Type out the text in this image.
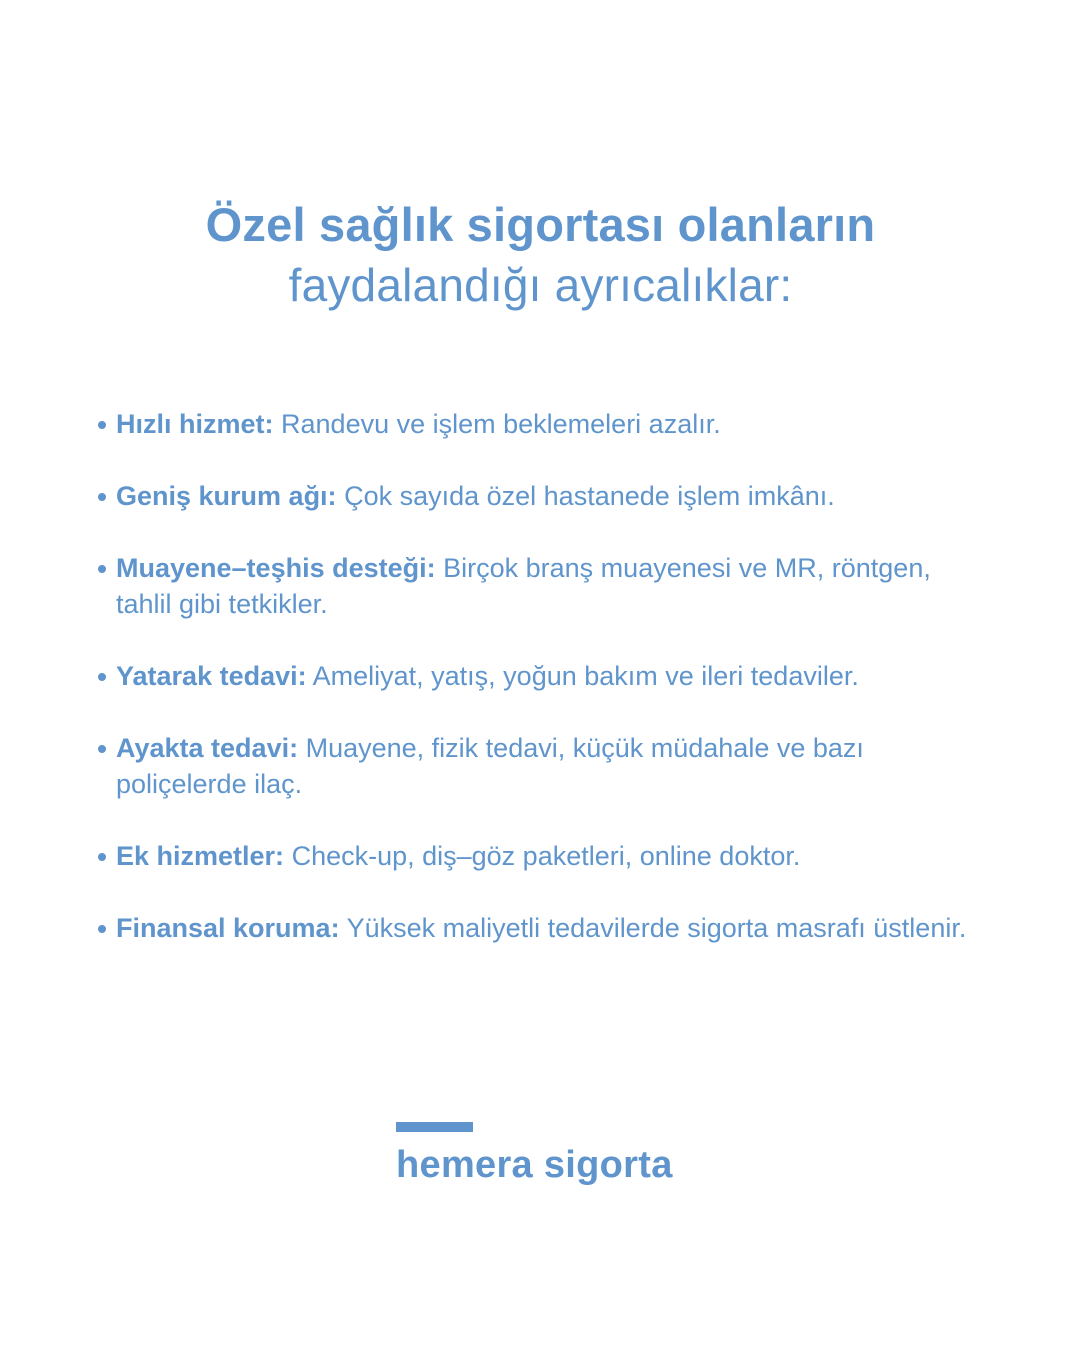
Özel sağlık sigortası olanların
faydalandığı ayrıcalıklar:
Hızlı hizmet: Randevu ve işlem beklemeleri azalır.
Geniş kurum ağı: Çok sayıda özel hastanede işlem imkânı.
Muayene–teşhis desteği: Birçok branş muayenesi ve MR, röntgen, tahlil gibi tetkikler.
Yatarak tedavi: Ameliyat, yatış, yoğun bakım ve ileri tedaviler.
Ayakta tedavi: Muayene, fizik tedavi, küçük müdahale ve bazı poliçelerde ilaç.
Ek hizmetler: Check-up, diş–göz paketleri, online doktor.
Finansal koruma: Yüksek maliyetli tedavilerde sigorta masrafı üstlenir.
hemera sigorta
